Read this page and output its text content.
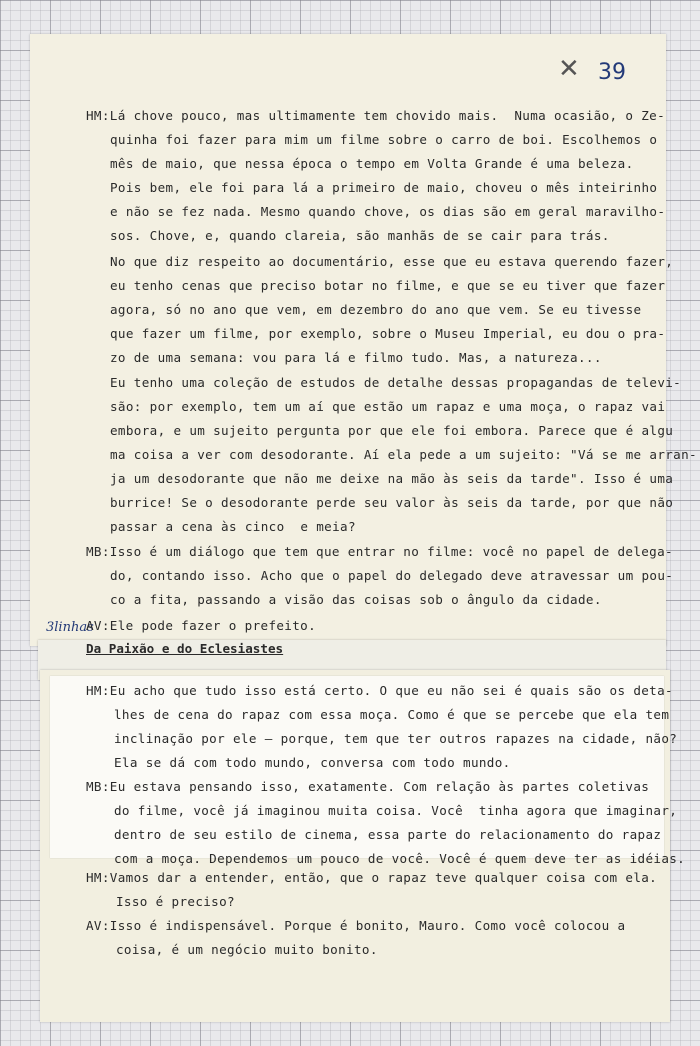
✕ 39
3linhas
Da Paixão e do Eclesiastes
HM:Lá chove pouco, mas ultimamente tem chovido mais.  Numa ocasião, o Ze-
quinha foi fazer para mim um filme sobre o carro de boi. Escolhemos o
mês de maio, que nessa época o tempo em Volta Grande é uma beleza.
Pois bem, ele foi para lá a primeiro de maio, choveu o mês inteirinho
e não se fez nada. Mesmo quando chove, os dias são em geral maravilho-
sos. Chove, e, quando clareia, são manhãs de se cair para trás.
No que diz respeito ao documentário, esse que eu estava querendo fazer,
eu tenho cenas que preciso botar no filme, e que se eu tiver que fazer
agora, só no ano que vem, em dezembro do ano que vem. Se eu tivesse
que fazer um filme, por exemplo, sobre o Museu Imperial, eu dou o pra-
zo de uma semana: vou para lá e filmo tudo. Mas, a natureza...
Eu tenho uma coleção de estudos de detalhe dessas propagandas de televi-
são: por exemplo, tem um aí que estão um rapaz e uma moça, o rapaz vai
embora, e um sujeito pergunta por que ele foi embora. Parece que é algu
ma coisa a ver com desodorante. Aí ela pede a um sujeito: "Vá se me arran-
ja um desodorante que não me deixe na mão às seis da tarde". Isso é uma
burrice! Se o desodorante perde seu valor às seis da tarde, por que não
passar a cena às cinco  e meia?
MB:Isso é um diálogo que tem que entrar no filme: você no papel de delega-
do, contando isso. Acho que o papel do delegado deve atravessar um pou-
co a fita, passando a visão das coisas sob o ângulo da cidade.
AV:Ele pode fazer o prefeito.
HM:Eu acho que tudo isso está certo. O que eu não sei é quais são os deta-
lhes de cena do rapaz com essa moça. Como é que se percebe que ela tem
inclinação por ele — porque, tem que ter outros rapazes na cidade, não?
Ela se dá com todo mundo, conversa com todo mundo.
MB:Eu estava pensando isso, exatamente. Com relação às partes coletivas
do filme, você já imaginou muita coisa. Você  tinha agora que imaginar,
dentro de seu estilo de cinema, essa parte do relacionamento do rapaz
com a moça. Dependemos um pouco de você. Você é quem deve ter as idéias.
HM:Vamos dar a entender, então, que o rapaz teve qualquer coisa com ela.
Isso é preciso?
AV:Isso é indispensável. Porque é bonito, Mauro. Como você colocou a
coisa, é um negócio muito bonito.
